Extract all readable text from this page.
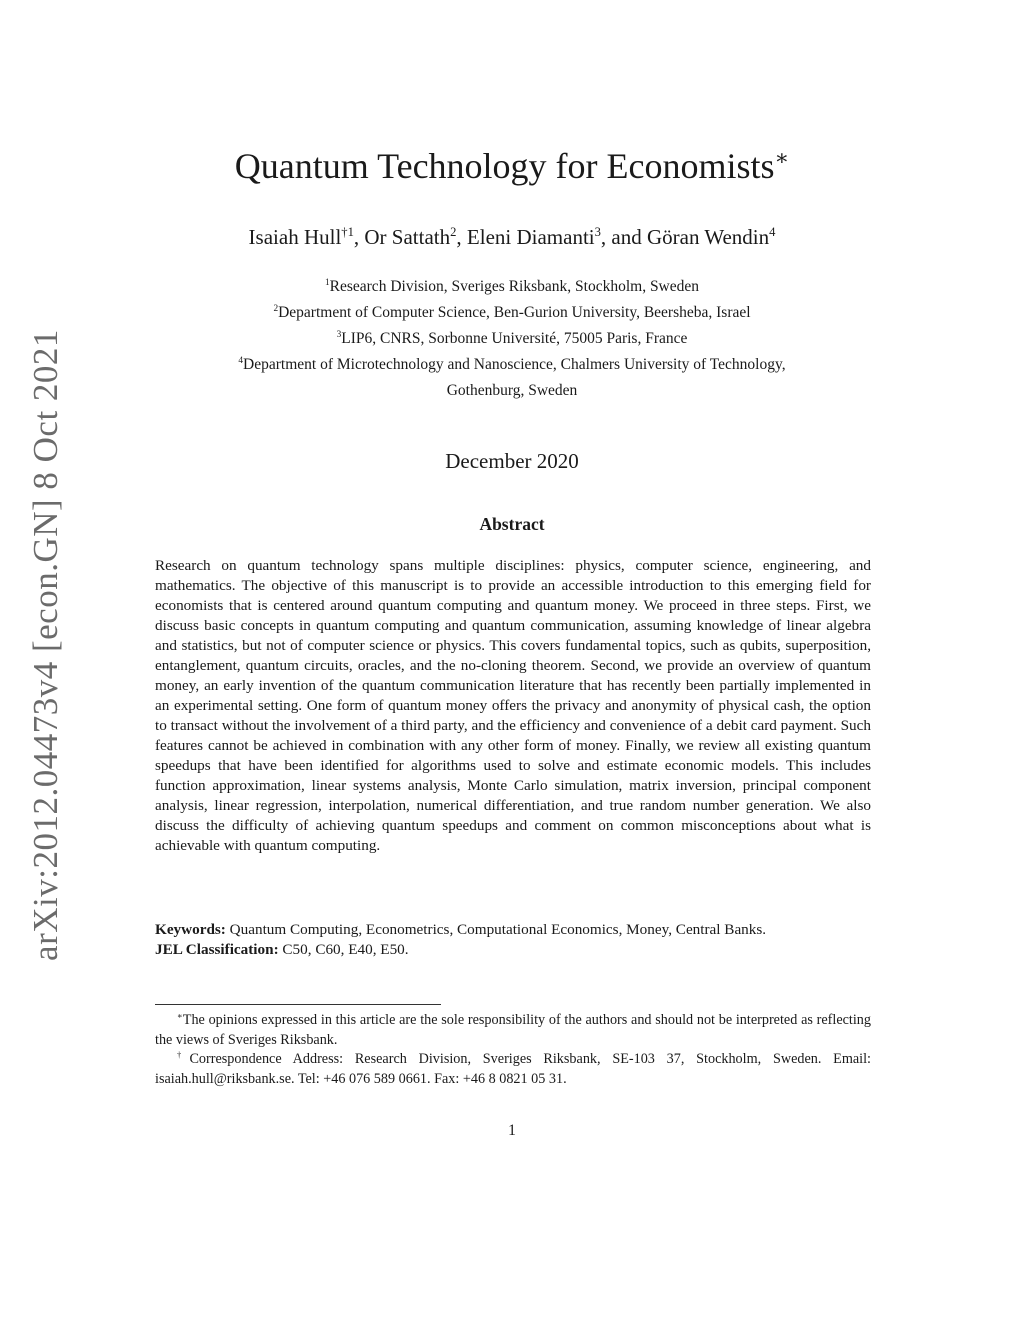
arXiv:2012.04473v4 [econ.GN] 8 Oct 2021
Quantum Technology for Economists∗
Isaiah Hull$^{\dagger 1}$, Or Sattath$^2$, Eleni Diamanti$^3$, and Göran Wendin$^4$
$^1$Research Division, Sveriges Riksbank, Stockholm, Sweden
$^2$Department of Computer Science, Ben-Gurion University, Beersheba, Israel
$^3$LIP6, CNRS, Sorbonne Université, 75005 Paris, France
$^4$Department of Microtechnology and Nanoscience, Chalmers University of Technology,
Gothenburg, Sweden
December 2020
Abstract

Research on quantum technology spans multiple disciplines: physics, computer science, engineering, and mathematics. The objective of this manuscript is to provide an accessible introduction to this emerging field for economists that is centered around quantum computing and quantum money. We proceed in three steps. First, we discuss basic concepts in quantum computing and quantum communication, assuming knowledge of linear algebra and statistics, but not of computer science or physics. This covers fundamental topics, such as qubits, superposition, entanglement, quantum circuits, oracles, and the no-cloning theorem. Second, we provide an overview of quantum money, an early invention of the quantum communication literature that has recently been partially implemented in an experimental setting. One form of quantum money offers the privacy and anonymity of physical cash, the option to transact without the involvement of a third party, and the efficiency and convenience of a debit card payment. Such features cannot be achieved in combination with any other form of money. Finally, we review all existing quantum speedups that have been identified for algorithms used to solve and estimate economic models. This includes function approximation, linear systems analysis, Monte Carlo simulation, matrix inversion, principal component analysis, linear regression, interpolation, numerical differentiation, and true random number generation. We also discuss the difficulty of achieving quantum speedups and comment on common misconceptions about what is achievable with quantum computing.

Keywords: Quantum Computing, Econometrics, Computational Economics, Money, Central Banks.
JEL Classification: C50, C60, E40, E50.

∗The opinions expressed in this article are the sole responsibility of the authors and should not be interpreted as reflecting the views of Sveriges Riksbank.

†Correspondence Address: Research Division, Sveriges Riksbank, SE-103 37, Stockholm, Sweden. Email: isaiah.hull@riksbank.se. Tel: +46 076 589 0661. Fax: +46 8 0821 05 31.

1
